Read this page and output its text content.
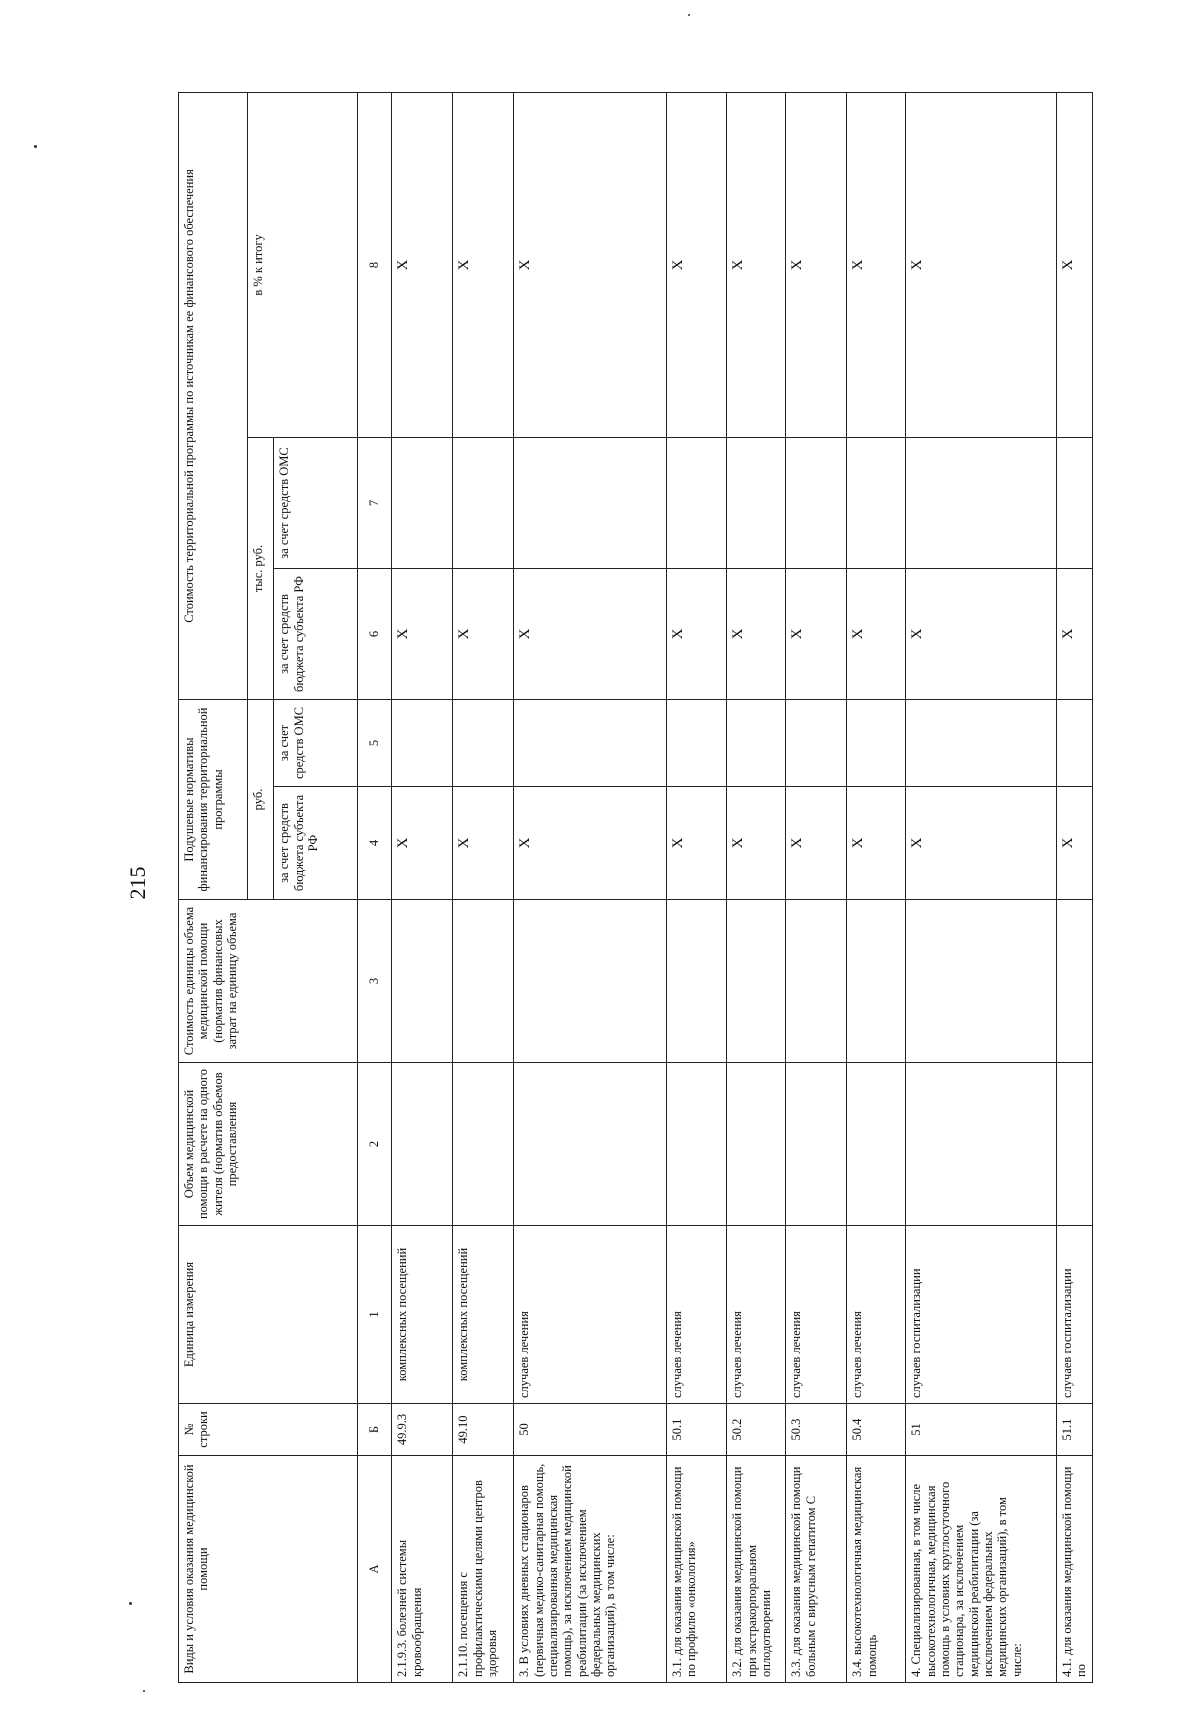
215
Виды и условия оказания медицинской помощи	№ строки	Единица измерения	Объем медицинской помощи в расчете на одного жителя (норматив объемов предоставления	Стоимость единицы объема медицинской помощи (норматив финансовых затрат на единицу объема	Подушевые нормативы финансирования территориальной программы		Стоимость территориальной программы по источникам ее финансового обеспечения		
					руб.		тыс. руб.		в % к итогу
					за счет средств бюджета субъекта РФ	за счет средств ОМС	за счет средств бюджета субъекта РФ	за счет средств ОМС	
А	Б	1	2	3	4	5	6	7	8
2.1.9.3. болезней системы кровообращения	49.9.3	комплексных посещений			X		X		X
2.1.10. посещения с профилактическими целями центров здоровья	49.10	комплексных посещений			X		X		X
3. В условиях дневных стационаров (первичная медико-санитарная помощь, специализированная медицинская помощь), за исключением медицинской реабилитации (за исключением федеральных медицинских организаций), в том числе:	50	случаев лечения			X		X		X
3.1. для оказания медицинской помощи по профилю «онкология»	50.1	случаев лечения			X		X		X
3.2. для оказания медицинской помощи при экстракорпоральном оплодотворении	50.2	случаев лечения			X		X		X
3.3. для оказания медицинской помощи больным с вирусным гепатитом С	50.3	случаев лечения			X		X		X
3.4. высокотехнологичная медицинская помощь	50.4	случаев лечения			X		X		X
4. Специализированная, в том числе высокотехнологичная, медицинская помощь в условиях круглосуточного стационара, за исключением медицинской реабилитации (за исключением федеральных медицинских организаций), в том числе:	51	случаев госпитализации			X		X		X
4.1. для оказания медицинской помощи по	51.1	случаев госпитализации			X		X		X
